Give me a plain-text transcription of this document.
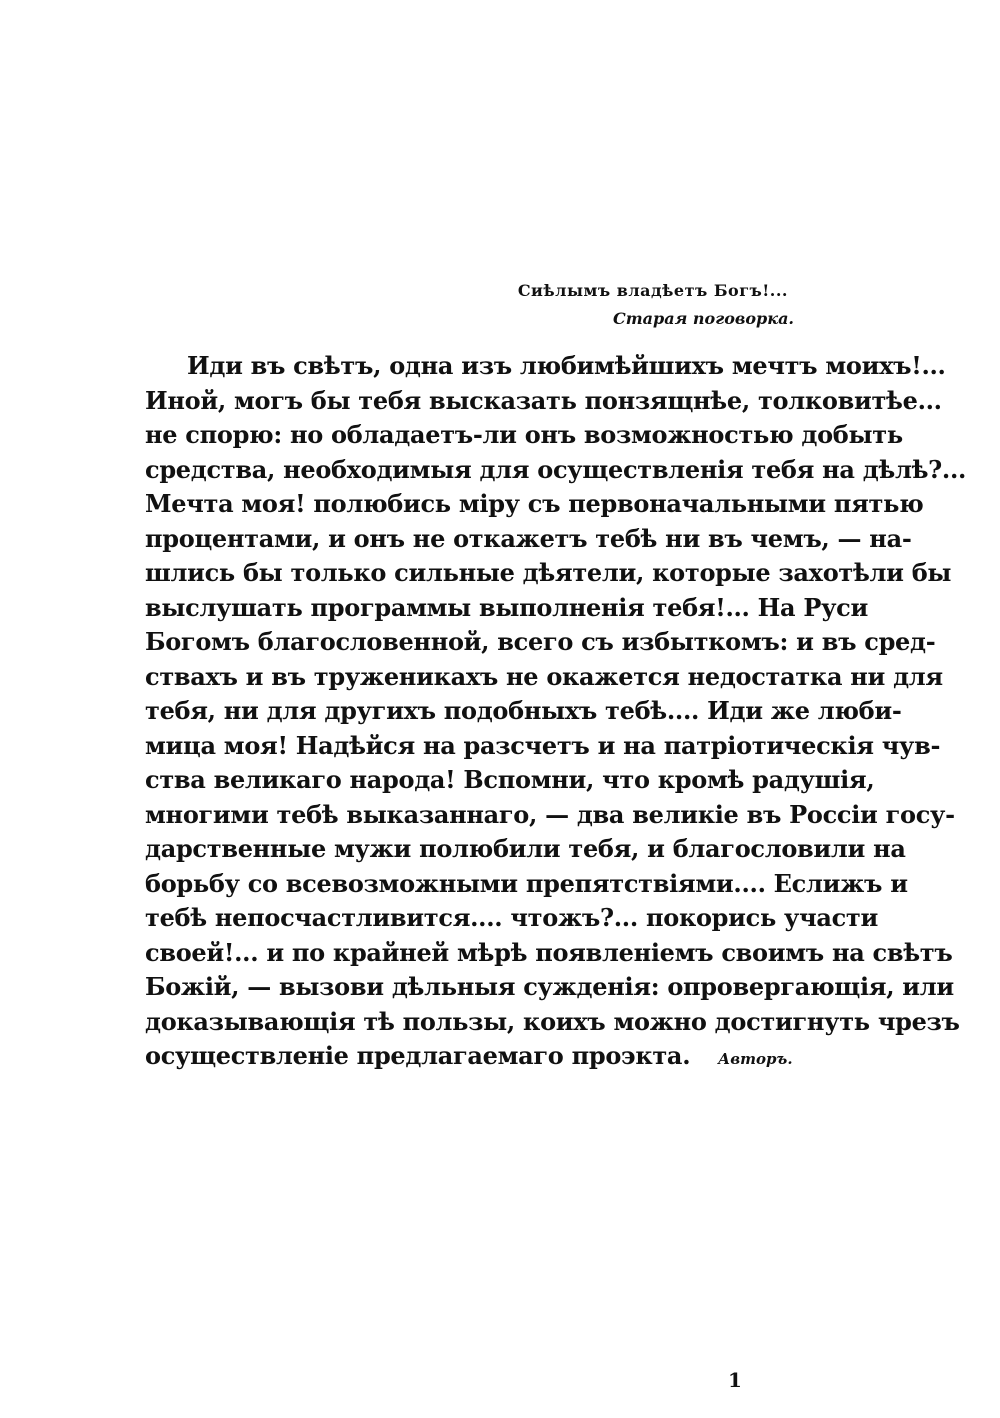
Сиѣлымъ владѣетъ Богъ!...
Старая поговорка.
Иди въ свѣтъ, одна изъ любимѣйшихъ мечтъ моихъ!...
Иной, могъ бы тебя высказать понзящнѣе, толковитѣе...
не спорю: но обладаетъ-ли онъ возможностью добыть
средства, необходимыя для осуществленія тебя на дѣлѣ?...
Мечта моя! полюбись міру съ первоначальными пятью
процентами, и онъ не откажетъ тебѣ ни въ чемъ, — на-
шлись бы только сильные дѣятели, которые захотѣли бы
выслушать программы выполненія тебя!... На Руси
Богомъ благословенной, всего съ избыткомъ: и въ сред-
ствахъ и въ труженикахъ не окажется недостатка ни для
тебя, ни для другихъ подобныхъ тебѣ.... Иди же люби-
мица моя! Надѣйся на разсчетъ и на патріотическія чув-
ства великаго народа! Вспомни, что кромѣ радушія,
многими тебѣ выказаннаго, — два великіе въ Россіи госу-
дарственные мужи полюбили тебя, и благословили на
борьбу со всевозможными препятствіями.... Еслижъ и
тебѣ непосчастливится.... чтожъ?... покорись участи
своей!... и по крайней мѣрѣ появленіемъ своимъ на свѣтъ
Божій, — вызови дѣльныя сужденія: опровергающія, или
доказывающія тѣ пользы, коихъ можно достигнуть чрезъ
осуществленіе предлагаемаго проэкта.	Авторъ.
1
